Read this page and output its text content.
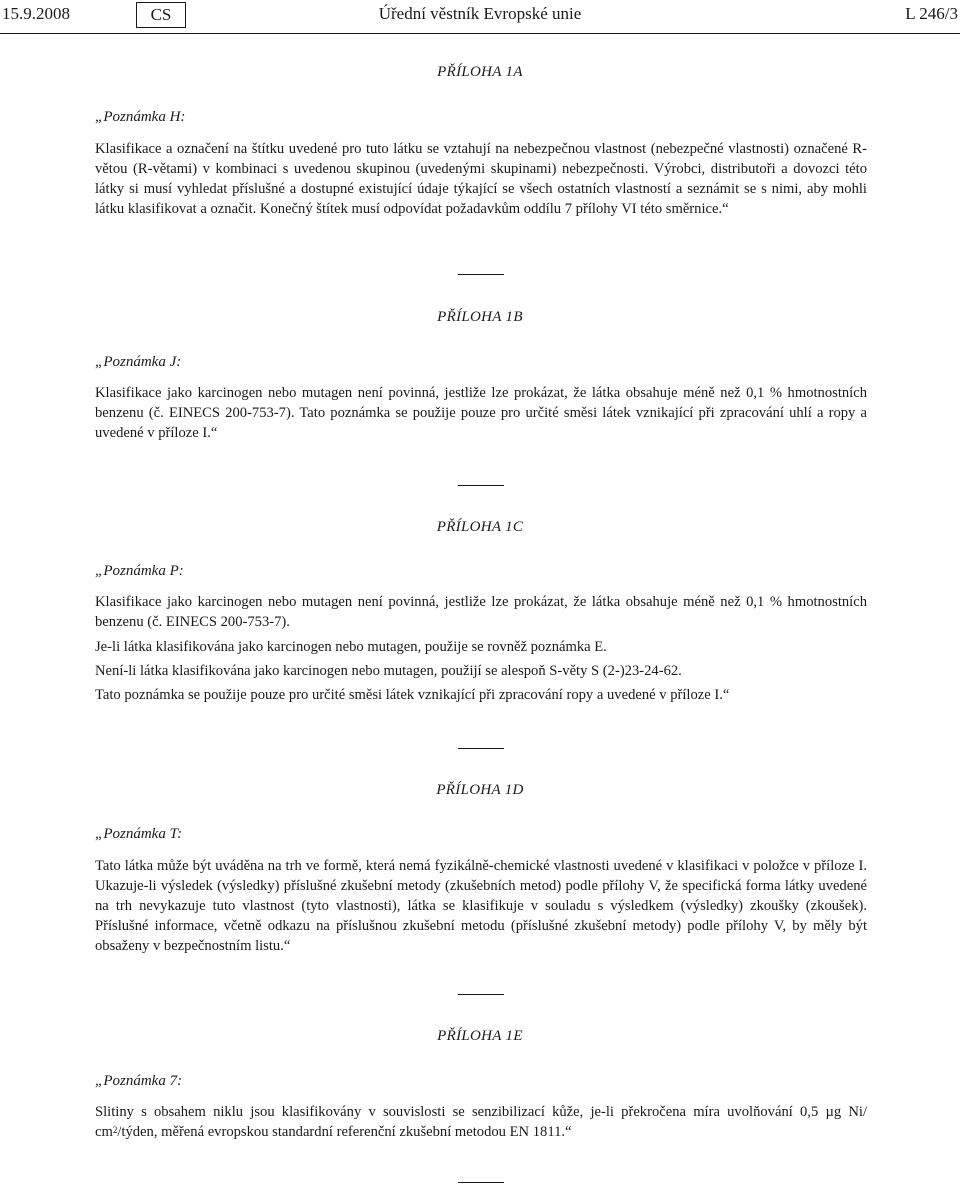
15.9.2008	CS	Úřední věstník Evropské unie	L 246/3
PŘÍLOHA 1A
„Poznámka H:
Klasifikace a označení na štítku uvedené pro tuto látku se vztahují na nebezpečnou vlastnost (nebezpečné vlastnosti) označené R-větou (R-větami) v kombinaci s uvedenou skupinou (uvedenými skupinami) nebezpečnosti. Výrobci, distributoři a dovozci této látky si musí vyhledat příslušné a dostupné existující údaje týkající se všech ostatních vlastností a seznámit se s nimi, aby mohli látku klasifikovat a označit. Konečný štítek musí odpovídat požadavkům oddílu 7 přílohy VI této směrnice.“
PŘÍLOHA 1B
„Poznámka J:
Klasifikace jako karcinogen nebo mutagen není povinná, jestliže lze prokázat, že látka obsahuje méně než 0,1 % hmotnostních benzenu (č. EINECS 200-753-7). Tato poznámka se použije pouze pro určité směsi látek vznikající při zpracování uhlí a ropy a uvedené v příloze I.“
PŘÍLOHA 1C
„Poznámka P:
Klasifikace jako karcinogen nebo mutagen není povinná, jestliže lze prokázat, že látka obsahuje méně než 0,1 % hmotnostních benzenu (č. EINECS 200-753-7).
Je-li látka klasifikována jako karcinogen nebo mutagen, použije se rovněž poznámka E.
Není-li látka klasifikována jako karcinogen nebo mutagen, použijí se alespoň S-věty S (2-)23-24-62.
Tato poznámka se použije pouze pro určité směsi látek vznikající při zpracování ropy a uvedené v příloze I.“
PŘÍLOHA 1D
„Poznámka T:
Tato látka může být uváděna na trh ve formě, která nemá fyzikálně-chemické vlastnosti uvedené v klasifikaci v položce v příloze I. Ukazuje-li výsledek (výsledky) příslušné zkušební metody (zkušebních metod) podle přílohy V, že specifická forma látky uvedené na trh nevykazuje tuto vlastnost (tyto vlastnosti), látka se klasifikuje v souladu s výsledkem (výsledky) zkoušky (zkoušek). Příslušné informace, včetně odkazu na příslušnou zkušební metodu (příslušné zkušební metody) podle přílohy V, by měly být obsaženy v bezpečnostním listu.“
PŘÍLOHA 1E
„Poznámka 7:
Slitiny s obsahem niklu jsou klasifikovány v souvislosti se senzibilizací kůže, je-li překročena míra uvolňování 0,5 µg Ni/ $cm^2$/týden, měřená evropskou standardní referenční zkušební metodou EN 1811.“
